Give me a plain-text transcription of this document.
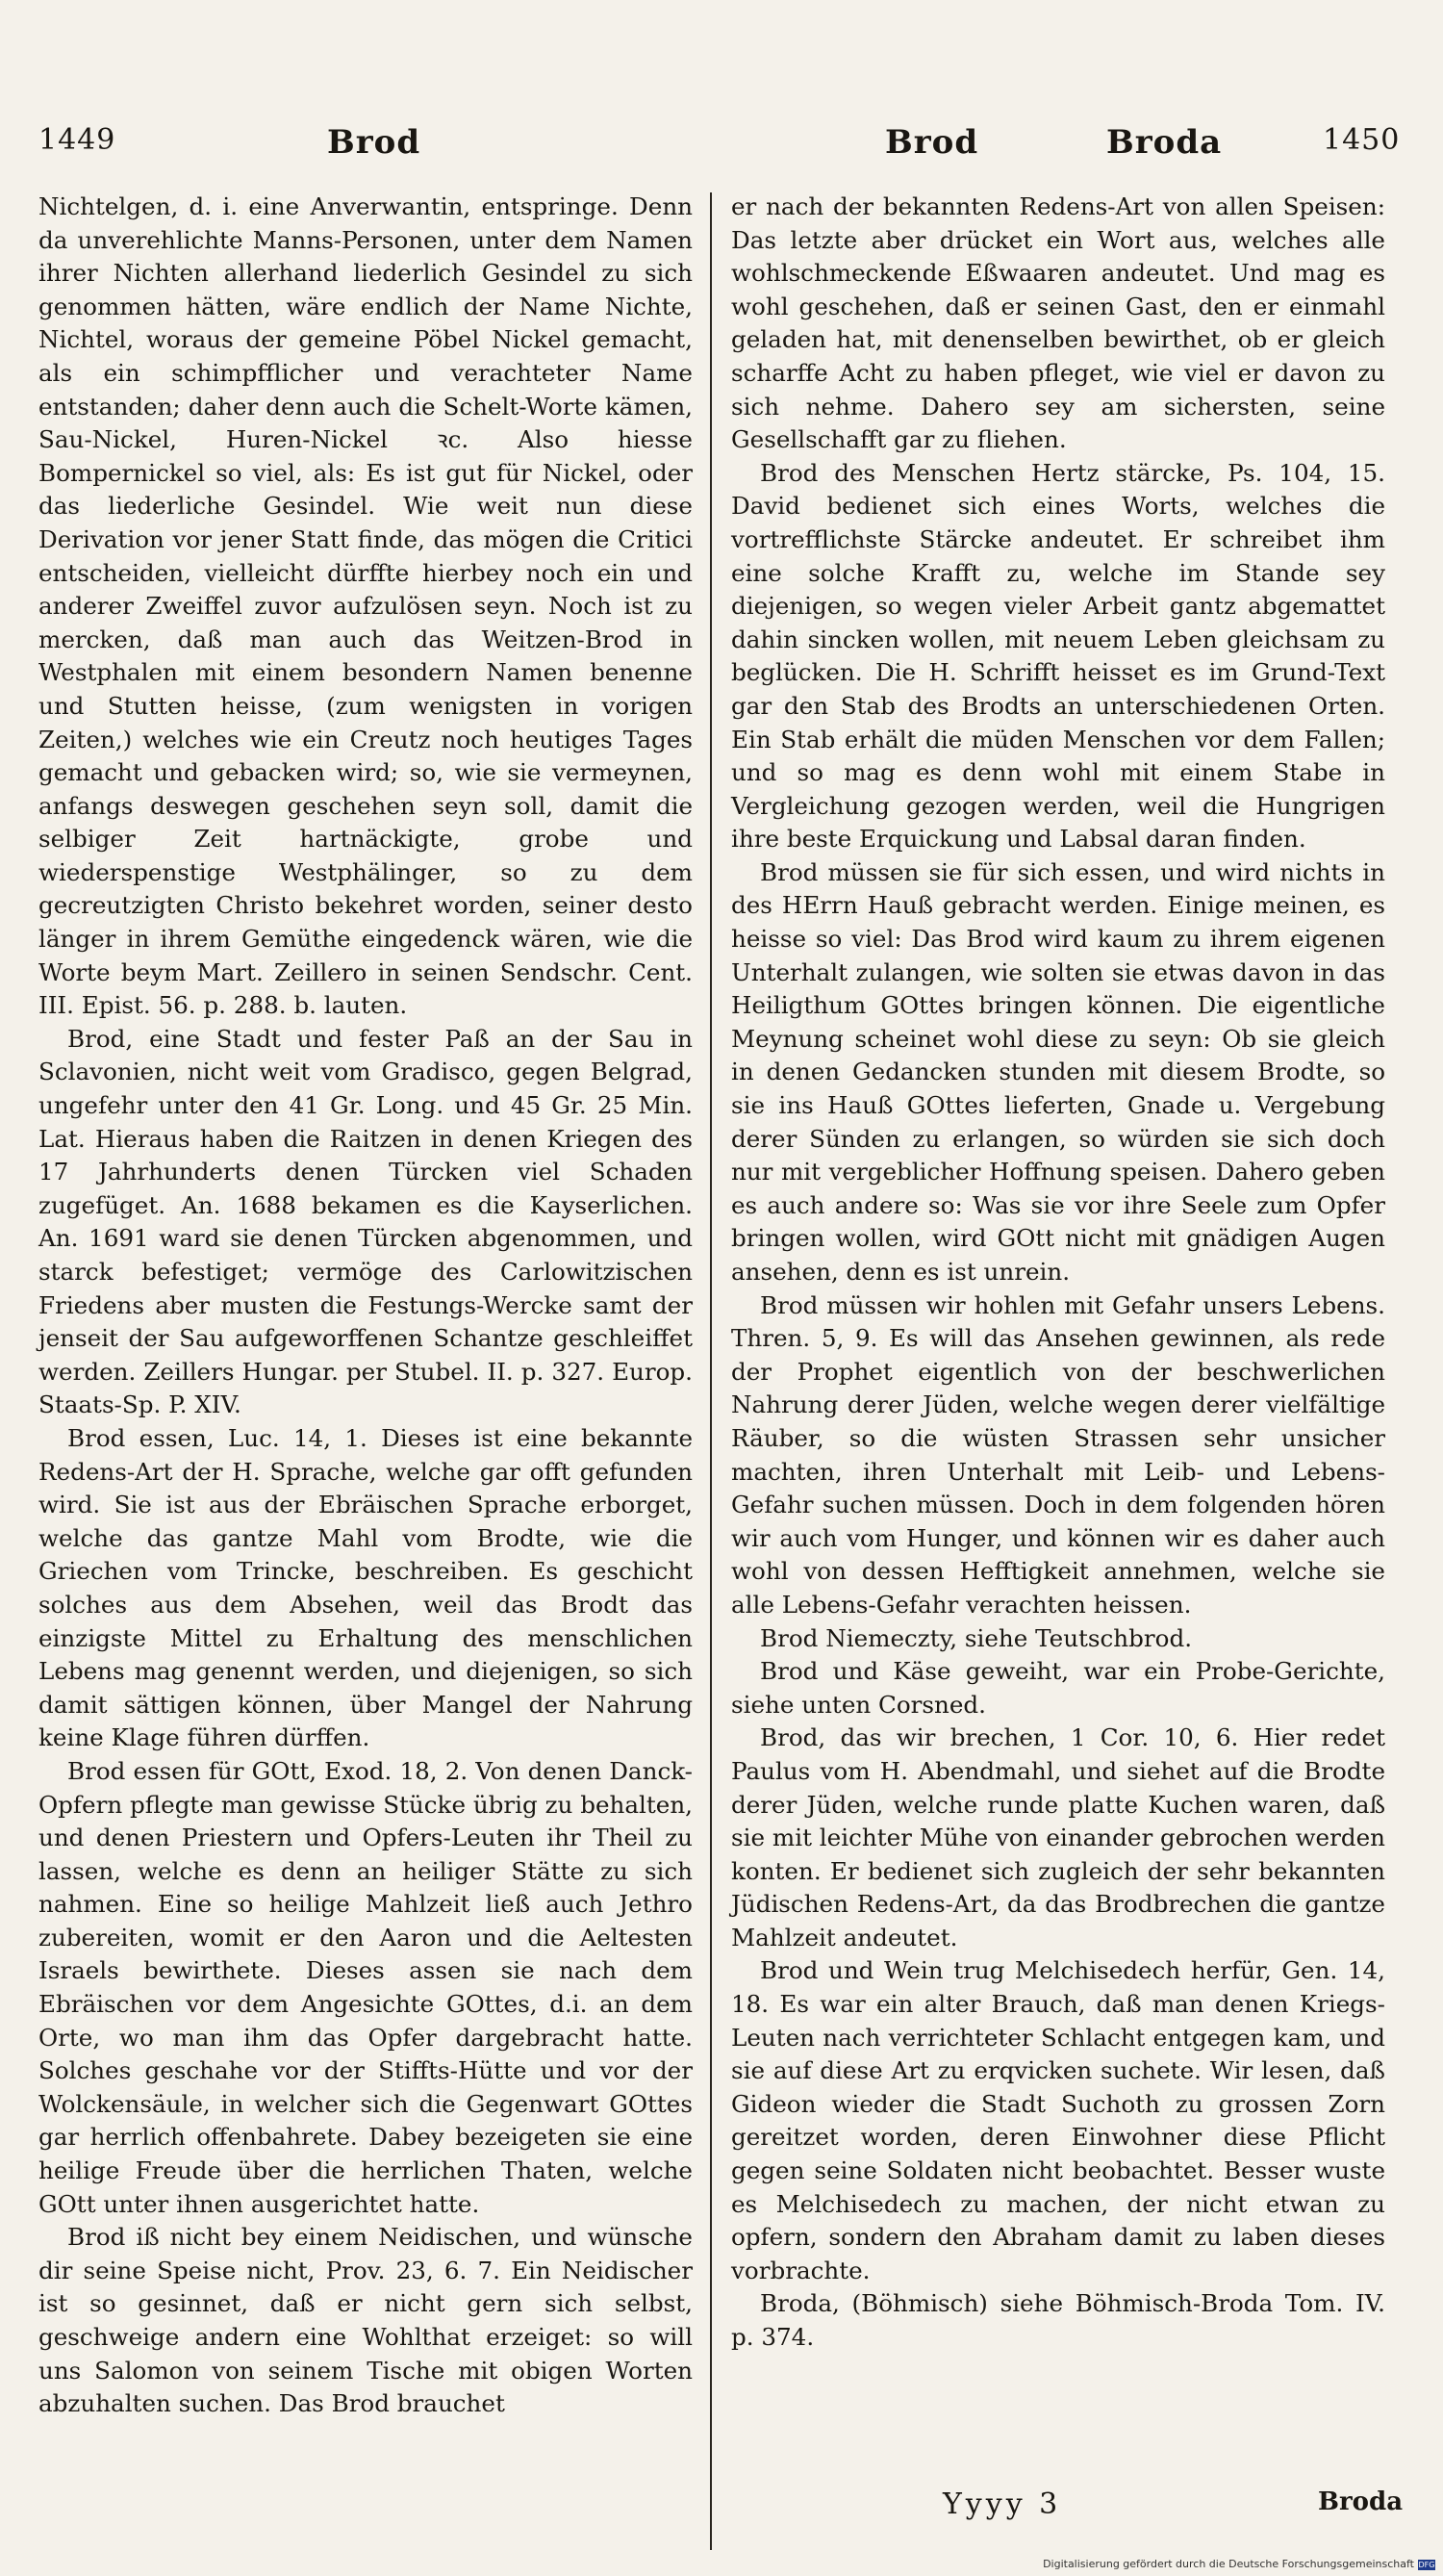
1449	Brod	Brod	Broda	1450

Nichtelgen, d. i. eine Anverwantin, entspringe. Denn da unverehlichte Manns-Personen, unter dem Namen ihrer Nichten allerhand liederlich Gesindel zu sich genommen hätten, wäre endlich der Name Nichte, Nichtel, woraus der gemeine Pöbel Nickel gemacht, als ein schimpfflicher und verachteter Name entstanden; daher denn auch die Schelt-Worte kämen, Sau-Nickel, Huren-Nickel ꝛc. Also hiesse Bompernickel so viel, als: Es ist gut für Nickel, oder das liederliche Gesindel. Wie weit nun diese Derivation vor jener Statt finde, das mögen die Critici entscheiden, vielleicht dürffte hierbey noch ein und anderer Zweiffel zuvor aufzulösen seyn. Noch ist zu mercken, daß man auch das Weitzen-Brod in Westphalen mit einem besondern Namen benenne und Stutten heisse, (zum wenigsten in vorigen Zeiten,) welches wie ein Creutz noch heutiges Tages gemacht und gebacken wird; so, wie sie vermeynen, anfangs deswegen geschehen seyn soll, damit die selbiger Zeit hartnäckigte, grobe und wiederspenstige Westphälinger, so zu dem gecreutzigten Christo bekehret worden, seiner desto länger in ihrem Gemüthe eingedenck wären, wie die Worte beym Mart. Zeillero in seinen Sendschr. Cent. III. Epist. 56. p. 288. b. lauten.

Brod, eine Stadt und fester Paß an der Sau in Sclavonien, nicht weit vom Gradisco, gegen Belgrad, ungefehr unter den 41 Gr. Long. und 45 Gr. 25 Min. Lat. Hieraus haben die Raitzen in denen Kriegen des 17 Jahrhunderts denen Türcken viel Schaden zugefüget. An. 1688 bekamen es die Kayserlichen. An. 1691 ward sie denen Türcken abgenommen, und starck befestiget; vermöge des Carlowitzischen Friedens aber musten die Festungs-Wercke samt der jenseit der Sau aufgeworffenen Schantze geschleiffet werden. Zeillers Hungar. per Stubel. II. p. 327. Europ. Staats-Sp. P. XIV.

Brod essen, Luc. 14, 1. Dieses ist eine bekannte Redens-Art der H. Sprache, welche gar offt gefunden wird. Sie ist aus der Ebräischen Sprache erborget, welche das gantze Mahl vom Brodte, wie die Griechen vom Trincke, beschreiben. Es geschicht solches aus dem Absehen, weil das Brodt das einzigste Mittel zu Erhaltung des menschlichen Lebens mag genennt werden, und diejenigen, so sich damit sättigen können, über Mangel der Nahrung keine Klage führen dürffen.

Brod essen für GOtt, Exod. 18, 2. Von denen Danck-Opfern pflegte man gewisse Stücke übrig zu behalten, und denen Priestern und Opfers-Leuten ihr Theil zu lassen, welche es denn an heiliger Stätte zu sich nahmen. Eine so heilige Mahlzeit ließ auch Jethro zubereiten, womit er den Aaron und die Aeltesten Israels bewirthete. Dieses assen sie nach dem Ebräischen vor dem Angesichte GOttes, d.i. an dem Orte, wo man ihm das Opfer dargebracht hatte. Solches geschahe vor der Stiffts-Hütte und vor der Wolckensäule, in welcher sich die Gegenwart GOttes gar herrlich offenbahrete. Dabey bezeigeten sie eine heilige Freude über die herrlichen Thaten, welche GOtt unter ihnen ausgerichtet hatte.

Brod iß nicht bey einem Neidischen, und wünsche dir seine Speise nicht, Prov. 23, 6. 7. Ein Neidischer ist so gesinnet, daß er nicht gern sich selbst, geschweige andern eine Wohlthat erzeiget: so will uns Salomon von seinem Tische mit obigen Worten abzuhalten suchen. Das Brod brauchet

er nach der bekannten Redens-Art von allen Speisen: Das letzte aber drücket ein Wort aus, welches alle wohlschmeckende Eßwaaren andeutet. Und mag es wohl geschehen, daß er seinen Gast, den er einmahl geladen hat, mit denenselben bewirthet, ob er gleich scharffe Acht zu haben pfleget, wie viel er davon zu sich nehme. Dahero sey am sichersten, seine Gesellschafft gar zu fliehen.

Brod des Menschen Hertz stärcke, Ps. 104, 15. David bedienet sich eines Worts, welches die vortrefflichste Stärcke andeutet. Er schreibet ihm eine solche Krafft zu, welche im Stande sey diejenigen, so wegen vieler Arbeit gantz abgemattet dahin sincken wollen, mit neuem Leben gleichsam zu beglücken. Die H. Schrifft heisset es im Grund-Text gar den Stab des Brodts an unterschiedenen Orten. Ein Stab erhält die müden Menschen vor dem Fallen; und so mag es denn wohl mit einem Stabe in Vergleichung gezogen werden, weil die Hungrigen ihre beste Erquickung und Labsal daran finden.

Brod müssen sie für sich essen, und wird nichts in des HErrn Hauß gebracht werden. Einige meinen, es heisse so viel: Das Brod wird kaum zu ihrem eigenen Unterhalt zulangen, wie solten sie etwas davon in das Heiligthum GOttes bringen können. Die eigentliche Meynung scheinet wohl diese zu seyn: Ob sie gleich in denen Gedancken stunden mit diesem Brodte, so sie ins Hauß GOttes lieferten, Gnade u. Vergebung derer Sünden zu erlangen, so würden sie sich doch nur mit vergeblicher Hoffnung speisen. Dahero geben es auch andere so: Was sie vor ihre Seele zum Opfer bringen wollen, wird GOtt nicht mit gnädigen Augen ansehen, denn es ist unrein.

Brod müssen wir hohlen mit Gefahr unsers Lebens. Thren. 5, 9. Es will das Ansehen gewinnen, als rede der Prophet eigentlich von der beschwerlichen Nahrung derer Jüden, welche wegen derer vielfältige Räuber, so die wüsten Strassen sehr unsicher machten, ihren Unterhalt mit Leib- und Lebens-Gefahr suchen müssen. Doch in dem folgenden hören wir auch vom Hunger, und können wir es daher auch wohl von dessen Hefftigkeit annehmen, welche sie alle Lebens-Gefahr verachten heissen.

Brod Niemeczty, siehe Teutschbrod.

Brod und Käse geweiht, war ein Probe-Gerichte, siehe unten Corsned.

Brod, das wir brechen, 1 Cor. 10, 6. Hier redet Paulus vom H. Abendmahl, und siehet auf die Brodte derer Jüden, welche runde platte Kuchen waren, daß sie mit leichter Mühe von einander gebrochen werden konten. Er bedienet sich zugleich der sehr bekannten Jüdischen Redens-Art, da das Brodbrechen die gantze Mahlzeit andeutet.

Brod und Wein trug Melchisedech herfür, Gen. 14, 18. Es war ein alter Brauch, daß man denen Kriegs-Leuten nach verrichteter Schlacht entgegen kam, und sie auf diese Art zu erqvicken suchete. Wir lesen, daß Gideon wieder die Stadt Suchoth zu grossen Zorn gereitzet worden, deren Einwohner diese Pflicht gegen seine Soldaten nicht beobachtet. Besser wuste es Melchisedech zu machen, der nicht etwan zu opfern, sondern den Abraham damit zu laben dieses vorbrachte.

Broda, (Böhmisch) siehe Böhmisch-Broda Tom. IV. p. 374.

Yyyy 3	Broda
Digitalisierung gefördert durch die Deutsche Forschungsgemeinschaft DFG
